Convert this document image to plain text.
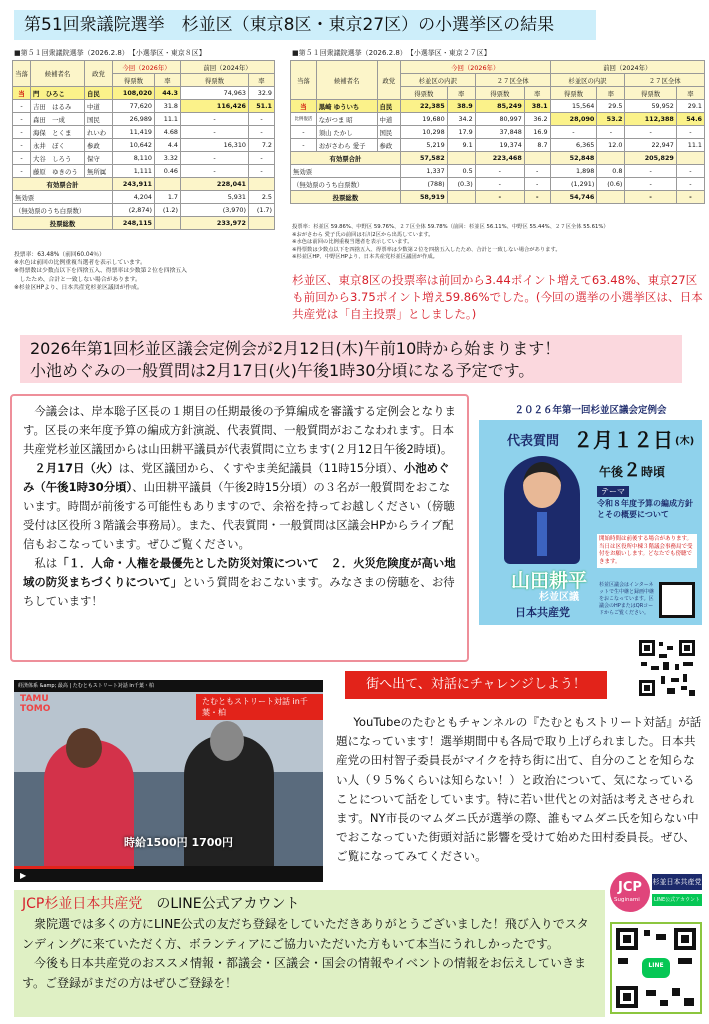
第51回衆議院選挙　杉並区（東京8区・東京27区）の小選挙区の結果
■第５１回衆議院選挙（2026.2.8）　 【小選挙区・東京８区】
当落	候補者名	政党	今回（2026年）		前回（2024年）	
			得票数	率	得票数	率
当	門　ひろこ	自民	108,020	44.3	74,963	32.9
-	吉田　はるみ	中道	77,620	31.8	116,426	51.1
-	森田　一成	国民	26,989	11.1	-	-
-	海保　とくま	れいわ	11,419	4.68	-	-
-	永井　ぼく	参政	10,642	4.4	16,310	7.2
-	大谷　しろう	保守	8,110	3.32	-	-
-	藤原　ゆきのう	無所属	1,111	0.46	-	-
有効票合計			243,911		228,041	
無効票			4,204	1.7	5,931	2.5
（無効票のうち白票数）			(2,874)	(1.2)	(3,970)	(1.7)
投票総数			248,115		233,972	
投票率：63.48%（前回60.04％）
※水色は前回の比例重複当選者を表示しています。
※得票数は少数点以下を四捨五入、得票率は少数第２位を四捨五入
　したため、合計と一致しない場合があります。
※杉並区HPより、日本共産党杉並区議団が作成。
■第５１回衆議院選挙（2026.2.8）　 【小選挙区・東京２７区】
当落	候補者名	政党	今回（2026年）				前回（2024年）			
			杉並区の内訳		２７区全体		杉並区の内訳		２７区全体	
			得票数	率	得票数	率	得票数	率	得票数	率
当	黒崎 ゆういち	自民	22,385	38.9	85,249	38.1	15,564	29.5	59,952	29.1
比例復活	ながつま 昭	中道	19,680	34.2	80,997	36.2	28,090	53.2	112,388	54.6
-	須山 たかし	国民	10,298	17.9	37,848	16.9	-	-	-	-
-	おがさわら 愛子	参政	5,219	9.1	19,374	8.7	6,365	12.0	22,947	11.1
有効票合計			57,582		223,468		52,848		205,829	
無効票			1,337	0.5	-	-	1,898	0.8	-	-
（無効票のうち白票数）			(788)	(0.3)	-	-	(1,291)	(0.6)	-	-
投票総数			58,919		-	-	54,746		-	-
投票率：杉並区 59.86%、中野区 59.76%、２７区全体 59.78%（前回：杉並区 56.11%、中野区 55.44%、２７区全体 55.61%）
※おがさわら 愛子氏の前回は石川2区から出馬しています。
※水色は前回の比例重複当選者を表示しています。
※得票数は少数点以下を四捨五入、得票率は少数第２位を四捨五入したため、合計と一致しない場合があります。
※杉並区HP、中野区HPより、日本共産党杉並区議団が作成。
杉並区、東京8区の投票率は前回から3.44ポイント増えて63.48%、東京27区も前回から3.75ポイント増え59.86%でした。(今回の選挙の小選挙区は、日本共産党は「自主投票」としました。)
2026年第1回杉並区議会定例会が2月12日(木)午前10時から始まります！
小池めぐみの一般質問は2月17日(火)午後1時30分頃になる予定です。

今議会は、岸本聡子区長の１期目の任期最後の予算編成を審議する定例会となります。区長の来年度予算の編成方針演説、代表質問、一般質問がおこなわれます。日本共産党杉並区議団からは山田耕平議員が代表質問に立ちます(２月12日午後2時頃)。

２月17日（火）は、党区議団から、くすやま美紀議員（11時15分頃）、小池めぐみ（午後1時30分頃）、山田耕平議員（午後2時15分頃）の３名が一般質問をおこないます。時間が前後する可能性もありますので、余裕を持ってお越しください（傍聴受付は区役所３階議会事務局）。また、代表質問・一般質問は区議会HPからライブ配信もおこなっています。ぜひご覧ください。

私は「１．人命・人権を最優先とした防災対策について　２．火災危険度が高い地域の防災まちづくりについて」という質問をおこないます。みなさまの傍聴を、お待ちしています！

２０２６年第一回杉並区議会定例会
代表質問 ２月１２日 (木)
午後２時頃
テーマ
令和８年度予算の編成方針とその概要について
開始時間は前後する場合があります。当日は区役所中棟３階議会事務局で受付をお願いします。どなたでも傍聴できます。
山田耕平
杉並区議
日本共産党
杉並区議会はインターネットで生中継と録画中継をおこなっています。区議会のHPまたはQRコードからご覧ください。
経済体系 &amp; 最高 | たむともストリート対話 in千葉・柏
TAMU TOMO
たむともストリート対話 in千葉・柏
時給1500円 1700円
▶
街へ出て、対話にチャレンジしよう！
YouTubeのたむともチャンネルの『たむともストリート対話』が話題になっています！選挙期間中も各局で取り上げられました。日本共産党の田村智子委員長がマイクを持ち街に出て、自分のことを知らない人（９５%くらいは知らない！）と政治について、気になっていることについて話をしています。特に若い世代との対話は考えさせられます。NY市長のマムダニ氏が選挙の際、誰もマムダニ氏を知らない中でおこなっていた街頭対話に影響を受けて始めた田村委員長。ぜひ、ご覧になってみてください。
JCP杉並日本共産党　 のLINE公式アカウント
衆院選では多くの方にLINE公式の友だち登録をしていただきありがとうございました！飛び入りでスタンディングに来ていただく方、ボランティアにご協力いただいた方もいて本当にうれしかったです。
今後も日本共産党のおススメ情報・都議会・区議会・国会の情報やイベントの情報をお伝えしていきます。ご登録がまだの方はぜひご登録を！
JCP
Suginami
杉並日本共産党
LINE公式アカウント
LINE
